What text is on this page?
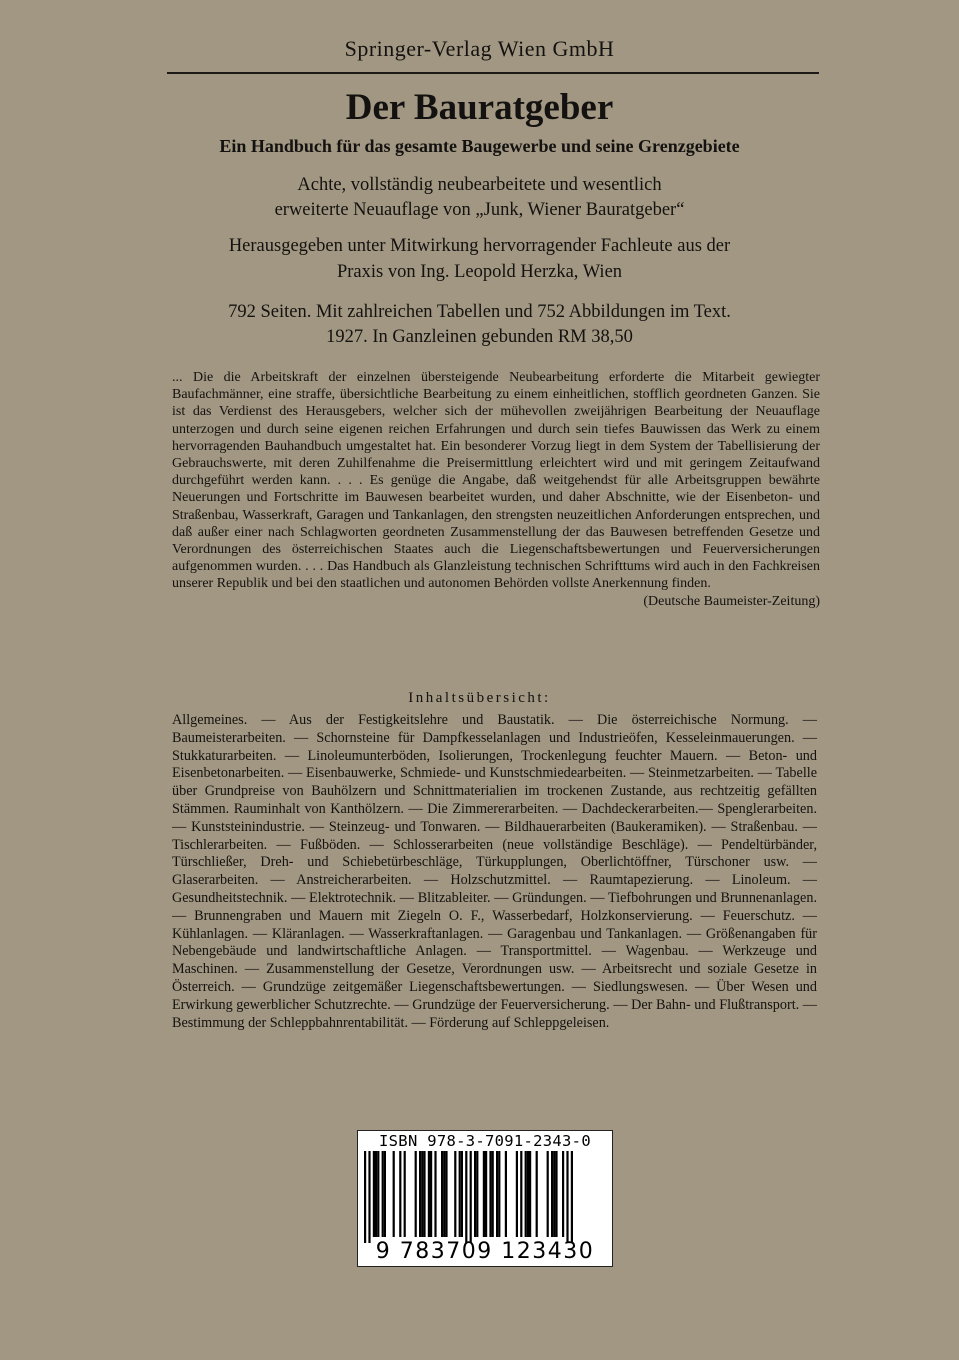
Springer-Verlag Wien GmbH
Der Bauratgeber
Ein Handbuch für das gesamte Baugewerbe und seine Grenzgebiete
Achte, vollständig neubearbeitete und wesentlich
erweiterte Neuauflage von „Junk, Wiener Bauratgeber“
Herausgegeben unter Mitwirkung hervorragender Fachleute aus der
Praxis von Ing. Leopold Herzka, Wien
792 Seiten. Mit zahlreichen Tabellen und 752 Abbildungen im Text.
1927. In Ganzleinen gebunden RM 38,50
... Die die Arbeitskraft der einzelnen übersteigende Neubearbeitung erforderte die Mitarbeit gewiegter Baufachmänner, eine straffe, übersichtliche Bearbeitung zu einem einheitlichen, stofflich geordneten Ganzen. Sie ist das Verdienst des Herausgebers, welcher sich der mühevollen zweijährigen Bearbeitung der Neuauflage unterzogen und durch seine eigenen reichen Erfahrungen und durch sein tiefes Bauwissen das Werk zu einem hervorragenden Bauhandbuch umgestaltet hat. Ein besonderer Vorzug liegt in dem System der Tabellisierung der Gebrauchswerte, mit deren Zuhilfenahme die Preisermittlung erleichtert wird und mit geringem Zeitaufwand durchgeführt werden kann. . . . Es genüge die Angabe, daß weitgehendst für alle Arbeitsgruppen bewährte Neuerungen und Fortschritte im Bauwesen bearbeitet wurden, und daher Abschnitte, wie der Eisenbeton- und Straßenbau, Wasserkraft, Garagen und Tankanlagen, den strengsten neuzeitlichen Anforderungen entsprechen, und daß außer einer nach Schlagworten geordneten Zusammenstellung der das Bauwesen betreffenden Gesetze und Verordnungen des österreichischen Staates auch die Liegenschaftsbewertungen und Feuerversicherungen aufgenommen wurden. . . . Das Handbuch als Glanzleistung technischen Schrifttums wird auch in den Fachkreisen unserer Republik und bei den staatlichen und autonomen Behörden vollste Anerkennung finden.
(Deutsche Baumeister-Zeitung)
Inhaltsübersicht:
Allgemeines. — Aus der Festigkeitslehre und Baustatik. — Die österreichische Normung. — Baumeisterarbeiten. — Schornsteine für Dampfkesselanlagen und Industrieöfen, Kesseleinmauerungen. — Stukkaturarbeiten. — Linoleumunterböden, Isolierungen, Trockenlegung feuchter Mauern. — Beton- und Eisenbetonarbeiten. — Eisenbauwerke, Schmiede- und Kunstschmiedearbeiten. — Steinmetzarbeiten. — Tabelle über Grundpreise von Bauhölzern und Schnittmaterialien im trockenen Zustande, aus rechtzeitig gefällten Stämmen. Rauminhalt von Kanthölzern. — Die Zimmererarbeiten. — Dachdeckerarbeiten.— Spenglerarbeiten. — Kunststeinindustrie. — Steinzeug- und Tonwaren. — Bildhauerarbeiten (Baukeramiken). — Straßenbau. — Tischlerarbeiten. — Fußböden. — Schlosserarbeiten (neue vollständige Beschläge). — Pendeltürbänder, Türschließer, Dreh- und Schiebetürbeschläge, Türkupplungen, Oberlichtöffner, Türschoner usw. — Glaserarbeiten. — Anstreicherarbeiten. — Holzschutzmittel. — Raumtapezierung. — Linoleum. — Gesundheitstechnik. — Elektrotechnik. — Blitzableiter. — Gründungen. — Tiefbohrungen und Brunnenanlagen. — Brunnengraben und Mauern mit Ziegeln O. F., Wasserbedarf, Holzkonservierung. — Feuerschutz. — Kühlanlagen. — Kläranlagen. — Wasserkraftanlagen. — Garagenbau und Tankanlagen. — Größenangaben für Nebengebäude und landwirtschaftliche Anlagen. — Transportmittel. — Wagenbau. — Werkzeuge und Maschinen. — Zusammenstellung der Gesetze, Verordnungen usw. — Arbeitsrecht und soziale Gesetze in Österreich. — Grundzüge zeitgemäßer Liegenschaftsbewertungen. — Siedlungswesen. — Über Wesen und Erwirkung gewerblicher Schutzrechte. — Grundzüge der Feuerversicherung. — Der Bahn- und Flußtransport. — Bestimmung der Schleppbahnrentabilität. — Förderung auf Schleppgeleisen.
ISBN 978-3-7091-2343-0
9 783709 123430
